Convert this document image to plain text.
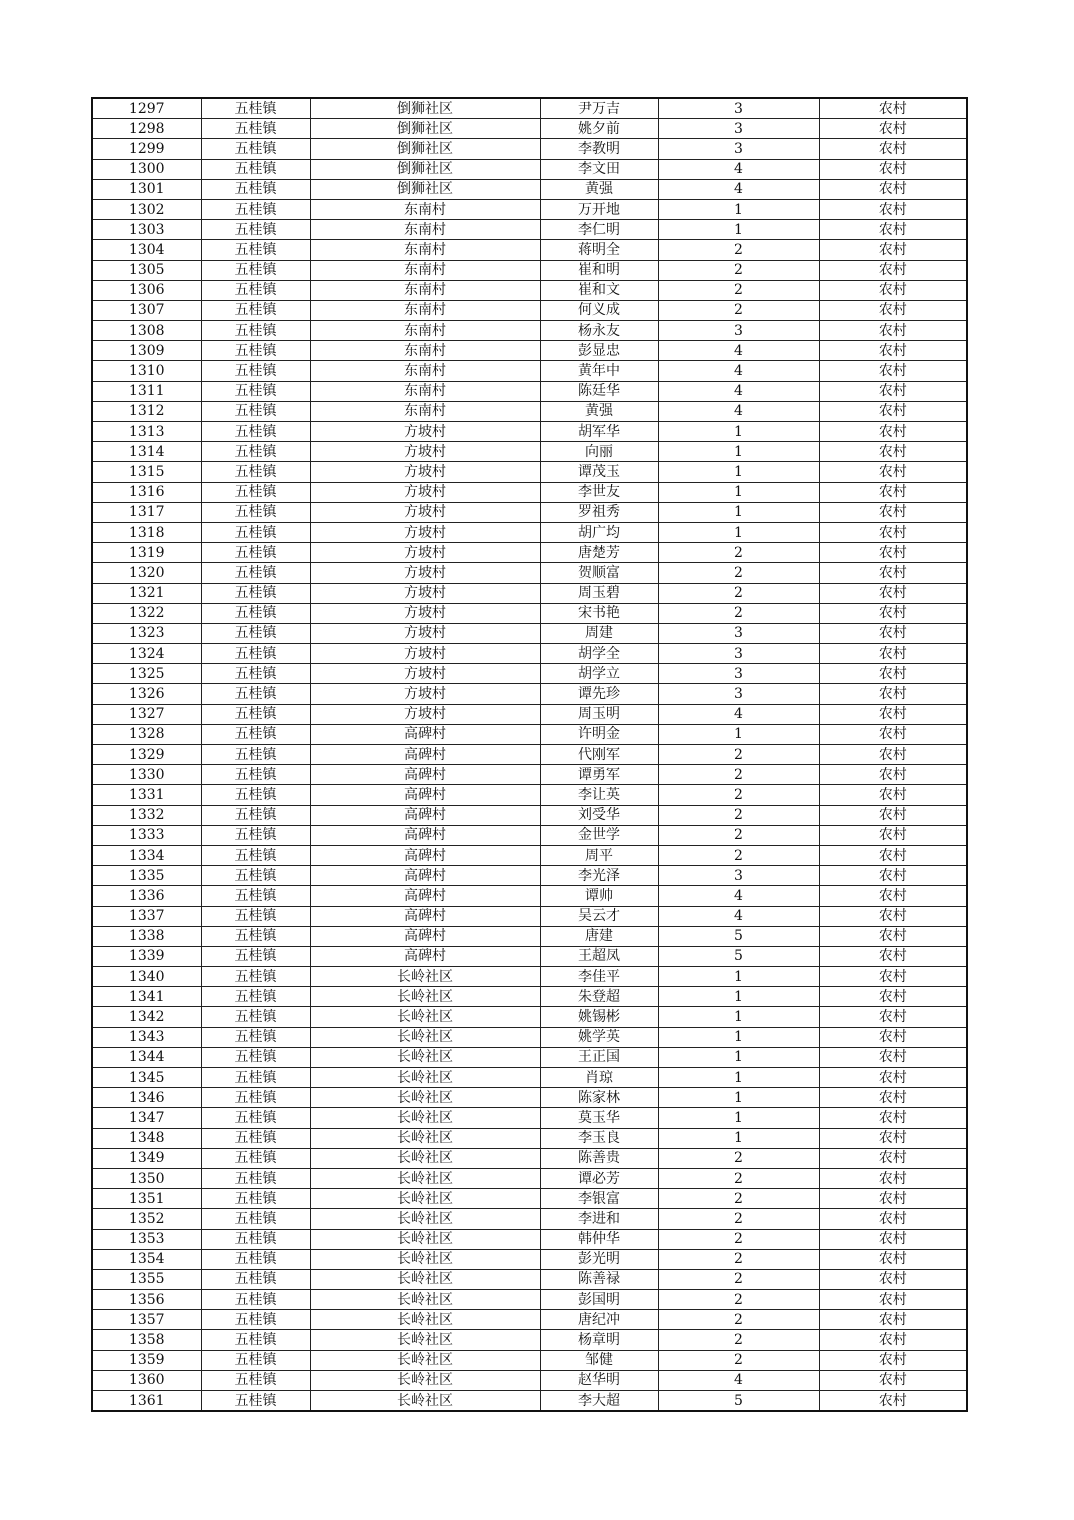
1297	五桂镇	倒狮社区	尹万吉	3	农村
1298	五桂镇	倒狮社区	姚夕前	3	农村
1299	五桂镇	倒狮社区	李教明	3	农村
1300	五桂镇	倒狮社区	李文田	4	农村
1301	五桂镇	倒狮社区	黄强	4	农村
1302	五桂镇	东南村	万开地	1	农村
1303	五桂镇	东南村	李仁明	1	农村
1304	五桂镇	东南村	蒋明全	2	农村
1305	五桂镇	东南村	崔和明	2	农村
1306	五桂镇	东南村	崔和文	2	农村
1307	五桂镇	东南村	何义成	2	农村
1308	五桂镇	东南村	杨永友	3	农村
1309	五桂镇	东南村	彭显忠	4	农村
1310	五桂镇	东南村	黄年中	4	农村
1311	五桂镇	东南村	陈廷华	4	农村
1312	五桂镇	东南村	黄强	4	农村
1313	五桂镇	方坡村	胡军华	1	农村
1314	五桂镇	方坡村	向丽	1	农村
1315	五桂镇	方坡村	谭茂玉	1	农村
1316	五桂镇	方坡村	李世友	1	农村
1317	五桂镇	方坡村	罗祖秀	1	农村
1318	五桂镇	方坡村	胡广均	1	农村
1319	五桂镇	方坡村	唐楚芳	2	农村
1320	五桂镇	方坡村	贺顺富	2	农村
1321	五桂镇	方坡村	周玉碧	2	农村
1322	五桂镇	方坡村	宋书艳	2	农村
1323	五桂镇	方坡村	周建	3	农村
1324	五桂镇	方坡村	胡学全	3	农村
1325	五桂镇	方坡村	胡学立	3	农村
1326	五桂镇	方坡村	谭先珍	3	农村
1327	五桂镇	方坡村	周玉明	4	农村
1328	五桂镇	高碑村	许明金	1	农村
1329	五桂镇	高碑村	代刚军	2	农村
1330	五桂镇	高碑村	谭勇军	2	农村
1331	五桂镇	高碑村	李让英	2	农村
1332	五桂镇	高碑村	刘受华	2	农村
1333	五桂镇	高碑村	金世学	2	农村
1334	五桂镇	高碑村	周平	2	农村
1335	五桂镇	高碑村	李光泽	3	农村
1336	五桂镇	高碑村	谭帅	4	农村
1337	五桂镇	高碑村	吴云才	4	农村
1338	五桂镇	高碑村	唐建	5	农村
1339	五桂镇	高碑村	王超凤	5	农村
1340	五桂镇	长岭社区	李佳平	1	农村
1341	五桂镇	长岭社区	朱登超	1	农村
1342	五桂镇	长岭社区	姚锡彬	1	农村
1343	五桂镇	长岭社区	姚学英	1	农村
1344	五桂镇	长岭社区	王正国	1	农村
1345	五桂镇	长岭社区	肖琼	1	农村
1346	五桂镇	长岭社区	陈家林	1	农村
1347	五桂镇	长岭社区	莫玉华	1	农村
1348	五桂镇	长岭社区	李玉良	1	农村
1349	五桂镇	长岭社区	陈善贵	2	农村
1350	五桂镇	长岭社区	谭必芳	2	农村
1351	五桂镇	长岭社区	李银富	2	农村
1352	五桂镇	长岭社区	李进和	2	农村
1353	五桂镇	长岭社区	韩仲华	2	农村
1354	五桂镇	长岭社区	彭光明	2	农村
1355	五桂镇	长岭社区	陈善禄	2	农村
1356	五桂镇	长岭社区	彭国明	2	农村
1357	五桂镇	长岭社区	唐纪冲	2	农村
1358	五桂镇	长岭社区	杨章明	2	农村
1359	五桂镇	长岭社区	邹健	2	农村
1360	五桂镇	长岭社区	赵华明	4	农村
1361	五桂镇	长岭社区	李大超	5	农村
